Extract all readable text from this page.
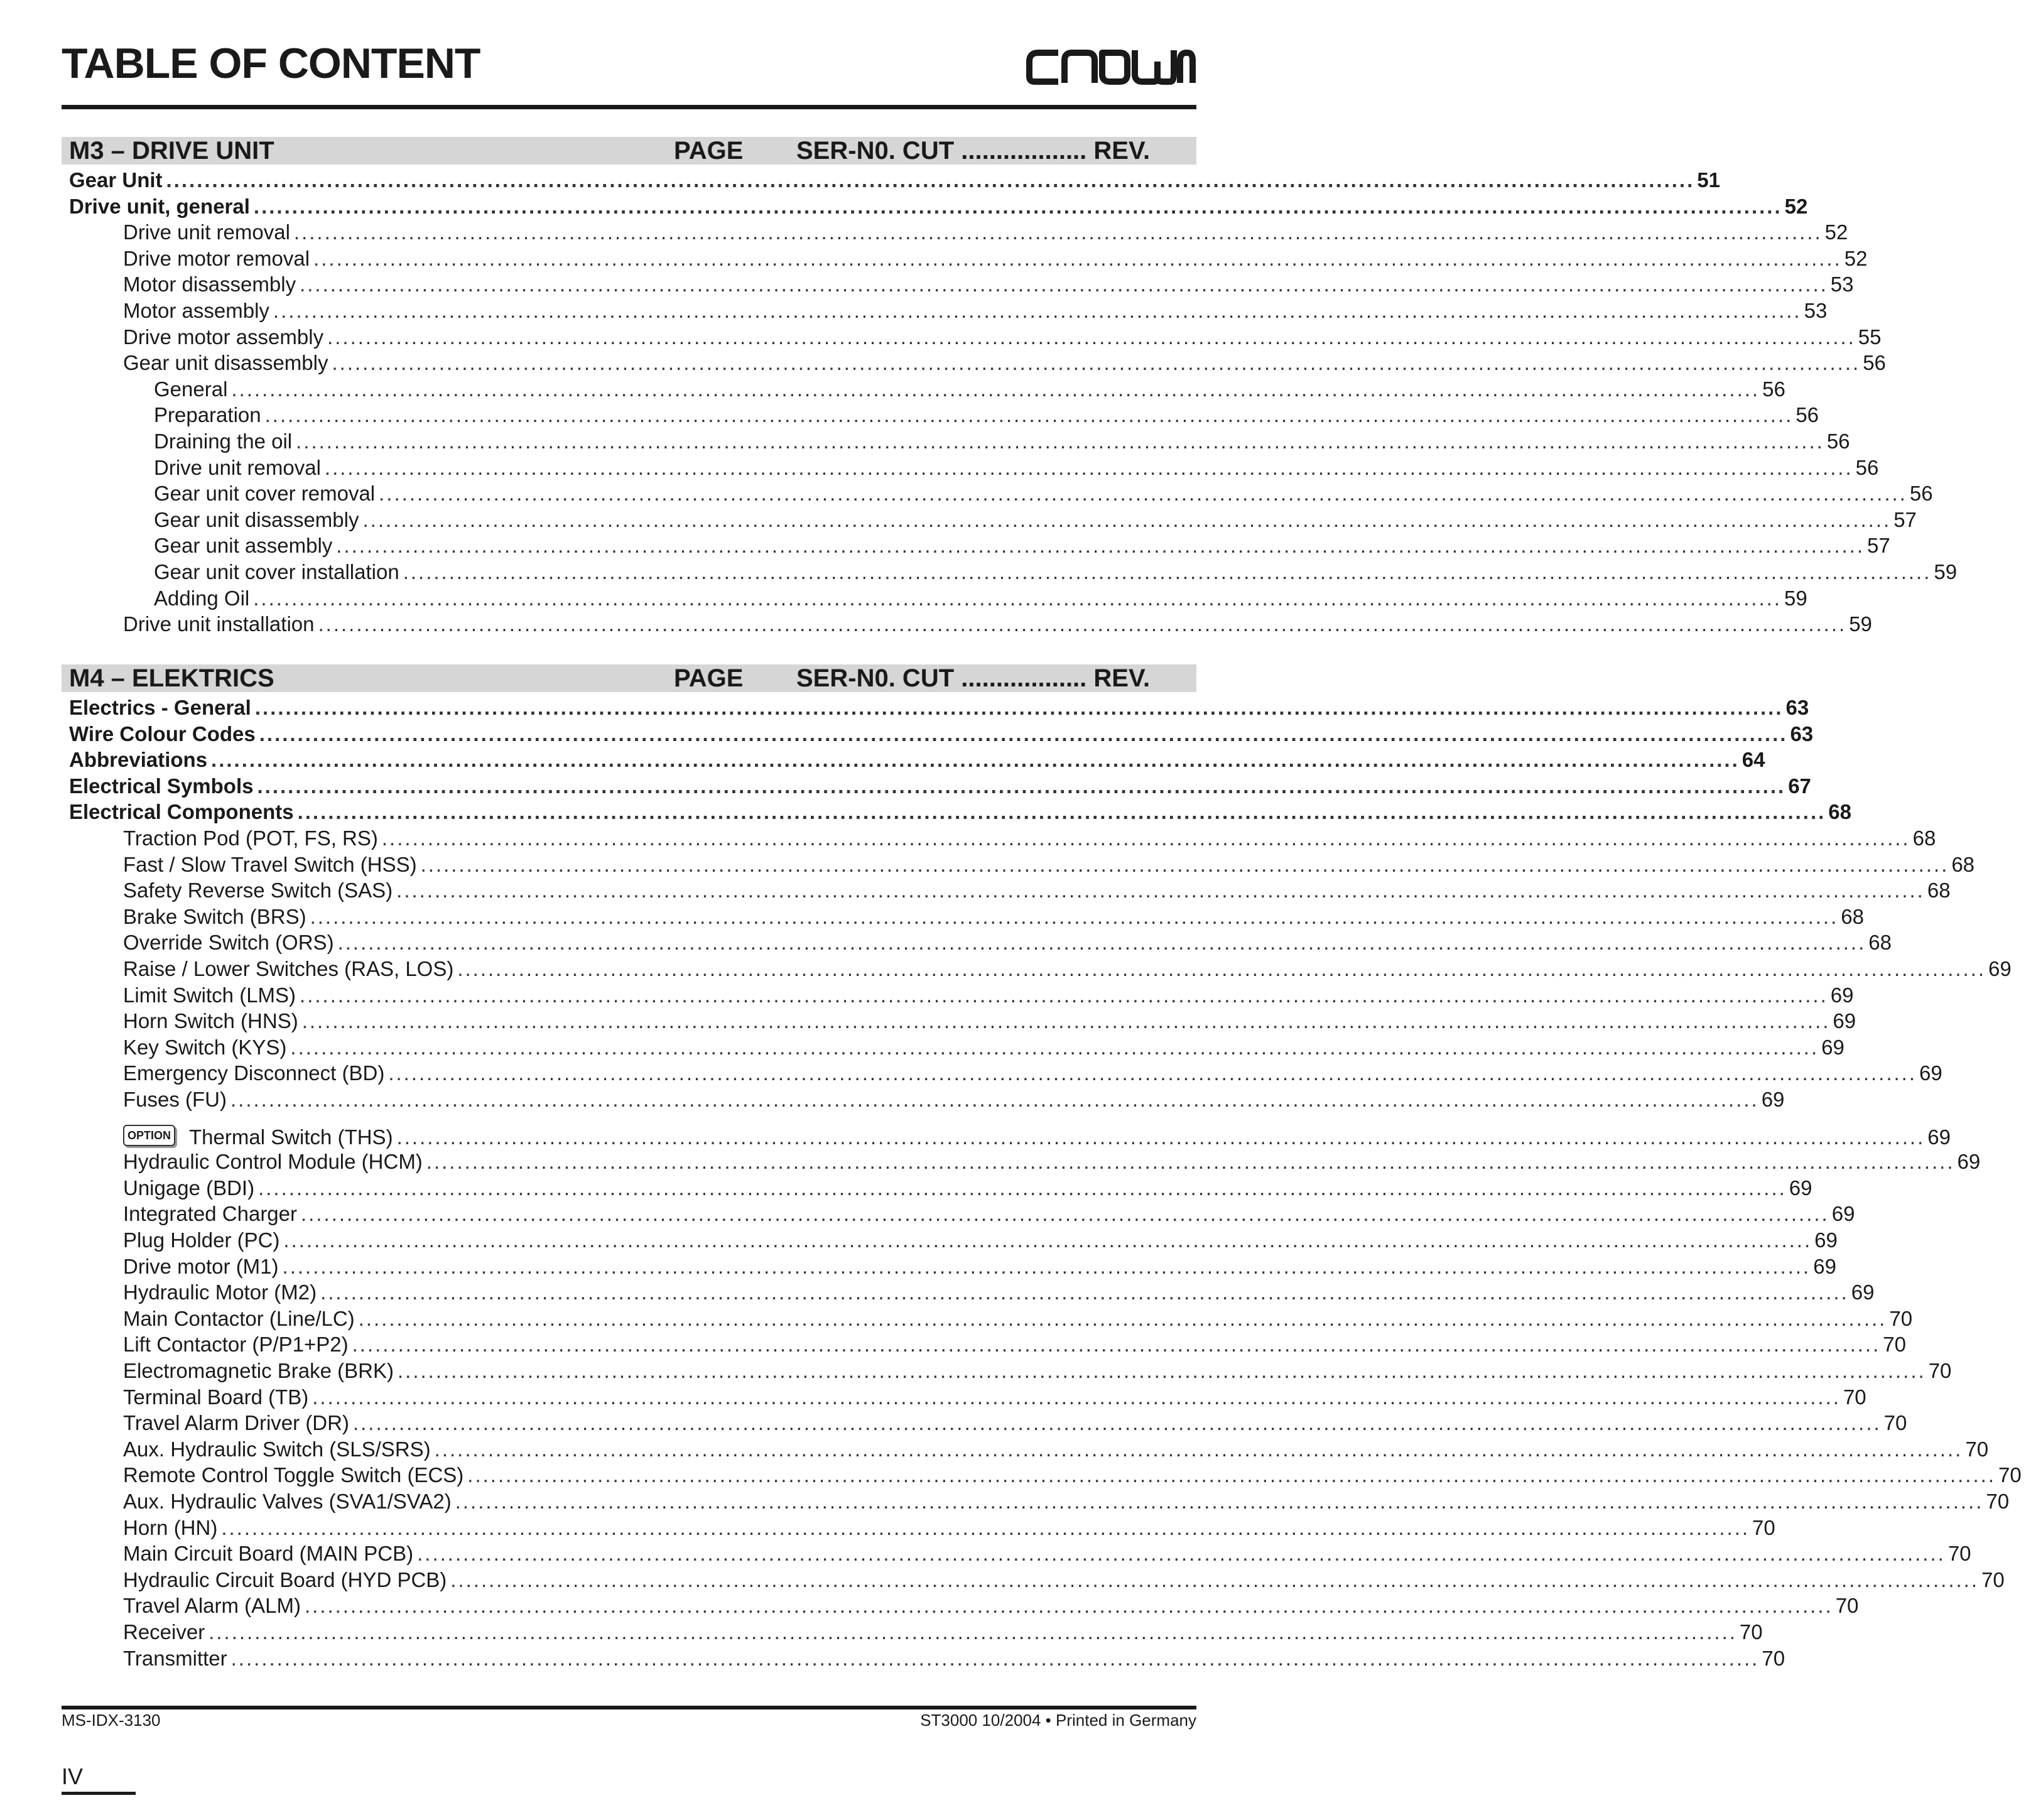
TABLE OF CONTENT
M3 – DRIVE UNIT	PAGE SER-N0. CUT .................. REV.
Gear Unit ........................................................................................................................................................................................................ 51
Drive unit, general ........................................................................................................................................................................................................ 52
Drive unit removal ........................................................................................................................................................................................................ 52
Drive motor removal ........................................................................................................................................................................................................ 52
Motor disassembly ........................................................................................................................................................................................................ 53
Motor assembly ........................................................................................................................................................................................................ 53
Drive motor assembly ........................................................................................................................................................................................................ 55
Gear unit disassembly ........................................................................................................................................................................................................ 56
General ........................................................................................................................................................................................................ 56
Preparation ........................................................................................................................................................................................................ 56
Draining the oil ........................................................................................................................................................................................................ 56
Drive unit removal ........................................................................................................................................................................................................ 56
Gear unit cover removal ........................................................................................................................................................................................................ 56
Gear unit disassembly ........................................................................................................................................................................................................ 57
Gear unit assembly ........................................................................................................................................................................................................ 57
Gear unit cover installation ........................................................................................................................................................................................................ 59
Adding Oil ........................................................................................................................................................................................................ 59
Drive unit installation ........................................................................................................................................................................................................ 59
M4 – ELEKTRICS	PAGE SER-N0. CUT .................. REV.
Electrics - General ........................................................................................................................................................................................................ 63
Wire Colour Codes ........................................................................................................................................................................................................ 63
Abbreviations ........................................................................................................................................................................................................ 64
Electrical Symbols ........................................................................................................................................................................................................ 67
Electrical Components ........................................................................................................................................................................................................ 68
Traction Pod (POT, FS, RS) ........................................................................................................................................................................................................ 68
Fast / Slow Travel Switch (HSS) ........................................................................................................................................................................................................ 68
Safety Reverse Switch (SAS) ........................................................................................................................................................................................................ 68
Brake Switch (BRS) ........................................................................................................................................................................................................ 68
Override Switch (ORS) ........................................................................................................................................................................................................ 68
Raise / Lower Switches (RAS, LOS) ........................................................................................................................................................................................................ 69
Limit Switch (LMS) ........................................................................................................................................................................................................ 69
Horn Switch (HNS) ........................................................................................................................................................................................................ 69
Key Switch (KYS) ........................................................................................................................................................................................................ 69
Emergency Disconnect (BD) ........................................................................................................................................................................................................ 69
Fuses (FU) ........................................................................................................................................................................................................ 69
OPTION Thermal Switch (THS) ........................................................................................................................................................................................................ 69
Hydraulic Control Module (HCM) ........................................................................................................................................................................................................ 69
Unigage (BDI) ........................................................................................................................................................................................................ 69
Integrated Charger ........................................................................................................................................................................................................ 69
Plug Holder (PC) ........................................................................................................................................................................................................ 69
Drive motor (M1) ........................................................................................................................................................................................................ 69
Hydraulic Motor (M2) ........................................................................................................................................................................................................ 69
Main Contactor (Line/LC) ........................................................................................................................................................................................................ 70
Lift Contactor (P/P1+P2) ........................................................................................................................................................................................................ 70
Electromagnetic Brake (BRK) ........................................................................................................................................................................................................ 70
Terminal Board (TB) ........................................................................................................................................................................................................ 70
Travel Alarm Driver (DR) ........................................................................................................................................................................................................ 70
Aux. Hydraulic Switch (SLS/SRS) ........................................................................................................................................................................................................ 70
Remote Control Toggle Switch (ECS) ........................................................................................................................................................................................................ 70
Aux. Hydraulic Valves (SVA1/SVA2) ........................................................................................................................................................................................................ 70
Horn (HN) ........................................................................................................................................................................................................ 70
Main Circuit Board (MAIN PCB) ........................................................................................................................................................................................................ 70
Hydraulic Circuit Board (HYD PCB) ........................................................................................................................................................................................................ 70
Travel Alarm (ALM) ........................................................................................................................................................................................................ 70
Receiver ........................................................................................................................................................................................................ 70
Transmitter ........................................................................................................................................................................................................ 70
MS-IDX-3130	ST3000 10/2004 • Printed in Germany
IV
